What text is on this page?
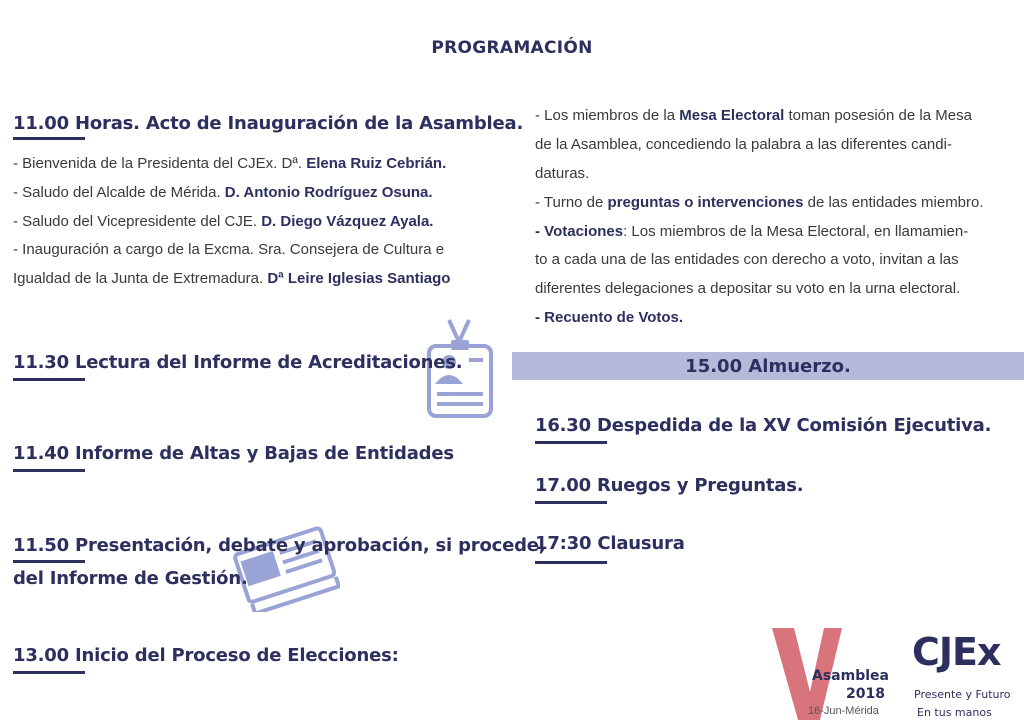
PROGRAMACIÓN
11.00 Horas. Acto de Inauguración de la Asamblea.
- Bienvenida de la Presidenta del CJEx. Dª. Elena Ruiz Cebrián.
- Saludo del Alcalde de Mérida. D. Antonio Rodríguez Osuna.
- Saludo del Vicepresidente del CJE. D. Diego Vázquez Ayala.
- Inauguración a cargo de la Excma. Sra. Consejera de Cultura e
Igualdad de la Junta de Extremadura. Dª Leire Iglesias Santiago
11.30 Lectura del Informe de Acreditaciones.
11.40 Informe de Altas y Bajas de Entidades
11.50 Presentación, debate y aprobación, si procede,
del Informe de Gestión.
13.00 Inicio del Proceso de Elecciones:
- Los miembros de la Mesa Electoral toman posesión de la Mesa
de la Asamblea, concediendo la palabra a las diferentes candi-
daturas.
- Turno de preguntas o intervenciones de las entidades miembro.
- Votaciones: Los miembros de la Mesa Electoral, en llamamien-
to a cada una de las entidades con derecho a voto, invitan a las
diferentes delegaciones a depositar su voto en la urna electoral.
- Recuento de Votos.
15.00 Almuerzo.
16.30 Despedida de la XV Comisión Ejecutiva.
17.00 Ruegos y Preguntas.
17:30 Clausura
Asamblea
2018
16-Jun-Mérida
CJEx
Presente y Futuro
En tus manos
